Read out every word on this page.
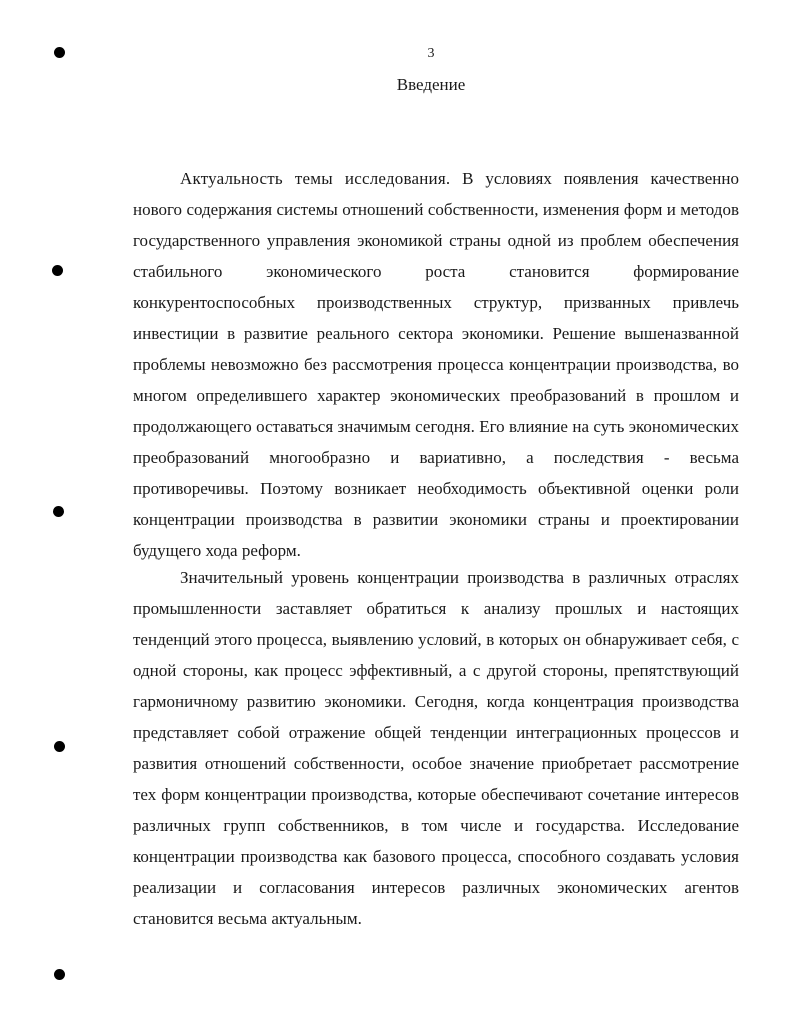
3
Введение

Актуальность темы исследования. В условиях появления качественно нового содержания системы отношений собственности, изменения форм и методов государственного управления экономикой страны одной из проблем обеспечения стабильного экономического роста становится формирование конкурентоспособных производственных структур, призванных привлечь инвестиции в развитие реального сектора экономики. Решение вышеназванной проблемы невозможно без рассмотрения процесса концентрации производства, во многом определившего характер экономических преобразований в прошлом и продолжающего оставаться значимым сегодня. Его влияние на суть экономических преобразований многообразно и вариативно, а последствия - весьма противоречивы. Поэтому возникает необходимость объективной оценки роли концентрации производства в развитии экономики страны и проектировании будущего хода реформ.

Значительный уровень концентрации производства в различных отраслях промышленности заставляет обратиться к анализу прошлых и настоящих тенденций этого процесса, выявлению условий, в которых он обнаруживает себя, с одной стороны, как процесс эффективный, а с другой стороны, препятствующий гармоничному развитию экономики. Сегодня, когда концентрация производства представляет собой отражение общей тенденции интеграционных процессов и развития отношений собственности, особое значение приобретает рассмотрение тех форм концентрации производства, которые обеспечивают сочетание интересов различных групп собственников, в том числе и государства. Исследование концентрации производства как базового процесса, способного создавать условия реализации и согласования интересов различных экономических агентов становится весьма актуальным.
